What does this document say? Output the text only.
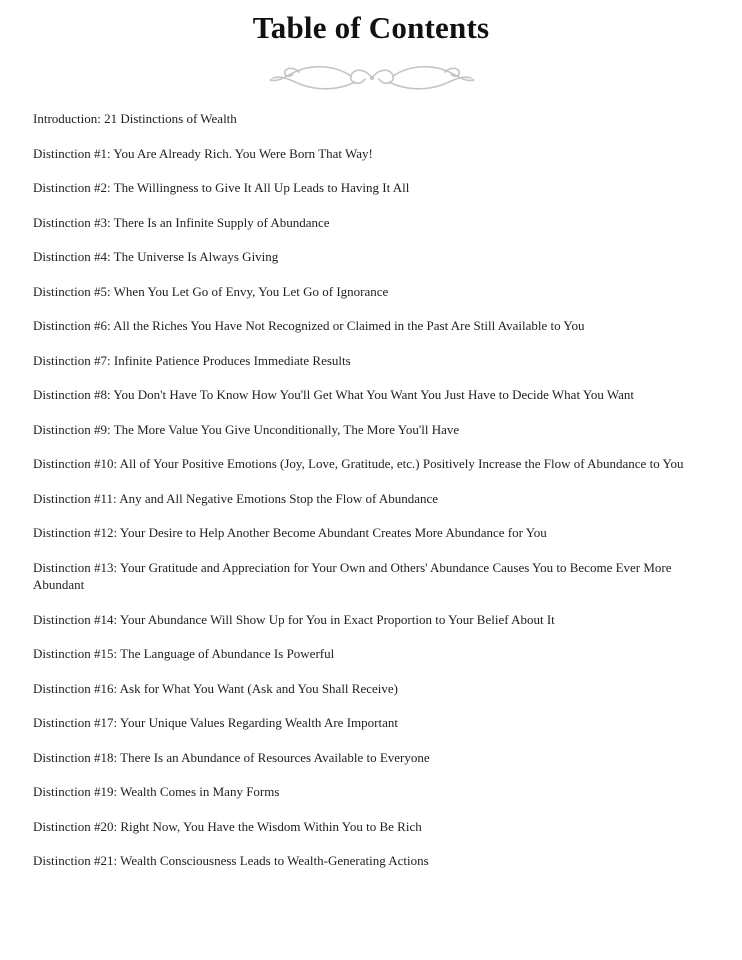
Table of Contents
Introduction: 21 Distinctions of Wealth
Distinction #1: You Are Already Rich. You Were Born That Way!
Distinction #2: The Willingness to Give It All Up Leads to Having It All
Distinction #3: There Is an Infinite Supply of Abundance
Distinction #4: The Universe Is Always Giving
Distinction #5: When You Let Go of Envy, You Let Go of Ignorance
Distinction #6: All the Riches You Have Not Recognized or Claimed in the Past Are Still Available to You
Distinction #7: Infinite Patience Produces Immediate Results
Distinction #8: You Don't Have To Know How You'll Get What You Want You Just Have to Decide What You Want
Distinction #9: The More Value You Give Unconditionally, The More You'll Have
Distinction #10: All of Your Positive Emotions (Joy, Love, Gratitude, etc.) Positively Increase the Flow of Abundance to You
Distinction #11: Any and All Negative Emotions Stop the Flow of Abundance
Distinction #12: Your Desire to Help Another Become Abundant Creates More Abundance for You
Distinction #13: Your Gratitude and Appreciation for Your Own and Others' Abundance Causes You to Become Ever More Abundant
Distinction #14: Your Abundance Will Show Up for You in Exact Proportion to Your Belief About It
Distinction #15: The Language of Abundance Is Powerful
Distinction #16: Ask for What You Want (Ask and You Shall Receive)
Distinction #17: Your Unique Values Regarding Wealth Are Important
Distinction #18: There Is an Abundance of Resources Available to Everyone
Distinction #19: Wealth Comes in Many Forms
Distinction #20: Right Now, You Have the Wisdom Within You to Be Rich
Distinction #21: Wealth Consciousness Leads to Wealth-Generating Actions
